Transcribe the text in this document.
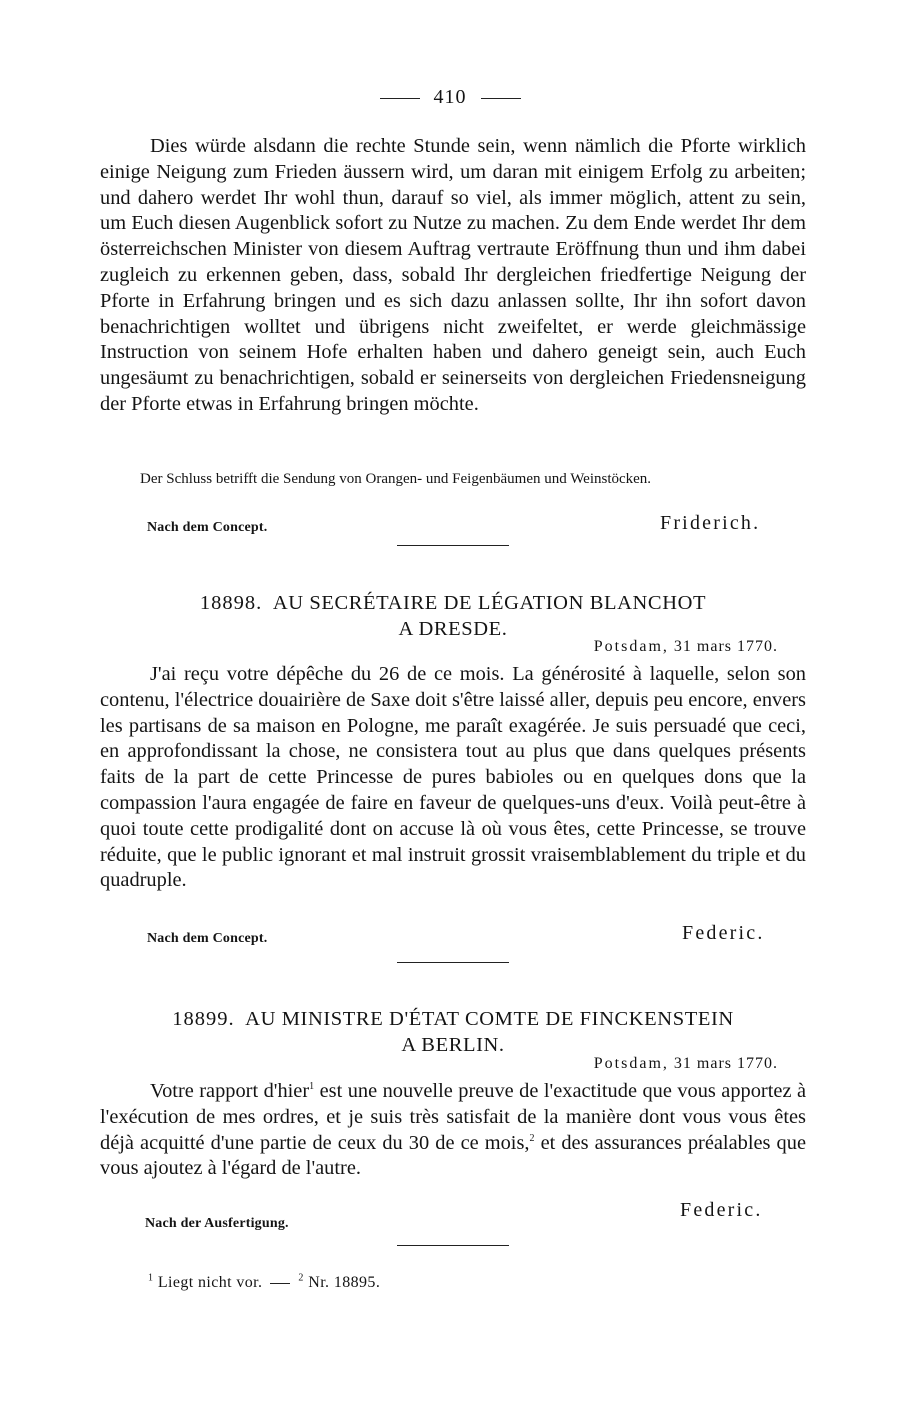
410

Dies würde alsdann die rechte Stunde sein, wenn nämlich die Pforte wirklich einige Neigung zum Frieden äussern wird, um daran mit einigem Erfolg zu arbeiten; und dahero werdet Ihr wohl thun, darauf so viel, als immer möglich, attent zu sein, um Euch diesen Augenblick sofort zu Nutze zu machen. Zu dem Ende werdet Ihr dem österreichschen Minister von diesem Auftrag vertraute Eröffnung thun und ihm dabei zugleich zu erkennen geben, dass, sobald Ihr dergleichen friedfertige Neigung der Pforte in Erfahrung bringen und es sich dazu anlassen sollte, Ihr ihn sofort davon benachrichtigen wolltet und übrigens nicht zweifeltet, er werde gleichmässige Instruction von seinem Hofe erhalten haben und dahero geneigt sein, auch Euch ungesäumt zu benachrichtigen, sobald er seinerseits von dergleichen Friedensneigung der Pforte etwas in Erfahrung bringen möchte.

Der Schluss betrifft die Sendung von Orangen- und Feigenbäumen und Weinstöcken.
Nach dem Concept.	Friderich.
18898. AU SECRÉTAIRE DE LÉGATION BLANCHOT
A DRESDE.
Potsdam, 31 mars 1770.

J'ai reçu votre dépêche du 26 de ce mois. La générosité à laquelle, selon son contenu, l'électrice douairière de Saxe doit s'être laissé aller, depuis peu encore, envers les partisans de sa maison en Pologne, me paraît exagérée. Je suis persuadé que ceci, en approfondissant la chose, ne consistera tout au plus que dans quelques présents faits de la part de cette Princesse de pures babioles ou en quelques dons que la compassion l'aura engagée de faire en faveur de quelques-uns d'eux. Voilà peut-être à quoi toute cette prodigalité dont on accuse là où vous êtes, cette Princesse, se trouve réduite, que le public ignorant et mal instruit grossit vraisemblablement du triple et du quadruple.

Nach dem Concept.	Federic.
18899. AU MINISTRE D'ÉTAT COMTE DE FINCKENSTEIN
A BERLIN.
Potsdam, 31 mars 1770.

Votre rapport d'hier$^1$ est une nouvelle preuve de l'exactitude que vous apportez à l'exécution de mes ordres, et je suis très satisfait de la manière dont vous vous êtes déjà acquitté d'une partie de ceux du 30 de ce mois,$^2$ et des assurances préalables que vous ajoutez à l'égard de l'autre.

Nach der Ausfertigung.
Federic.
$^1$ Liegt nicht vor.	$^2$ Nr. 18895.
